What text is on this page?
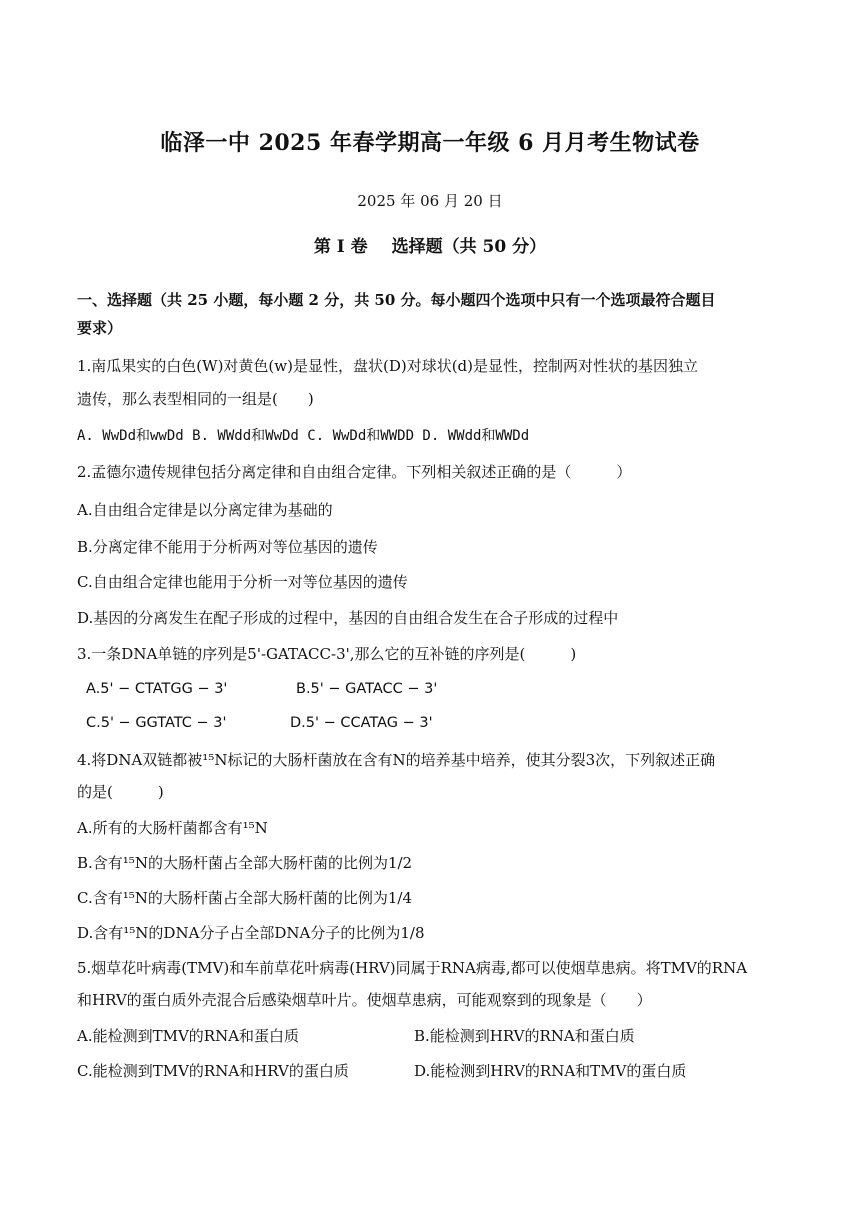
临泽一中 2025 年春学期高一年级 6 月月考生物试卷
2025 年 06 月 20 日
第 I 卷 选择题（共 50 分）
一、选择题（共 25 小题，每小题 2 分，共 50 分。每小题四个选项中只有一个选项最符合题目
要求）
1.南瓜果实的白色(W)对黄色(w)是显性，盘状(D)对球状(d)是显性，控制两对性状的基因独立
遗传，那么表型相同的一组是(　　)
A. WwDd和wwDd B. WWdd和WwDd C. WwDd和WWDD D. WWdd和WWDd
2.孟德尔遗传规律包括分离定律和自由组合定律。下列相关叙述正确的是（　　　）
A.自由组合定律是以分离定律为基础的
B.分离定律不能用于分析两对等位基因的遗传
C.自由组合定律也能用于分析一对等位基因的遗传
D.基因的分离发生在配子形成的过程中，基因的自由组合发生在合子形成的过程中
3.一条DNA单链的序列是5'-GATACC-3',那么它的互补链的序列是(　　　)
A.5' − CTATGG − 3'	B.5' − GATACC − 3'
C.5' − GGTATC − 3'	D.5' − CCATAG − 3'
4.将DNA双链都被¹⁵N标记的大肠杆菌放在含有N的培养基中培养，使其分裂3次，下列叙述正确
的是(　　　)
A.所有的大肠杆菌都含有¹⁵N
B.含有¹⁵N的大肠杆菌占全部大肠杆菌的比例为1/2
C.含有¹⁵N的大肠杆菌占全部大肠杆菌的比例为1/4
D.含有¹⁵N的DNA分子占全部DNA分子的比例为1/8
5.烟草花叶病毒(TMV)和车前草花叶病毒(HRV)同属于RNA病毒,都可以使烟草患病。将TMV的RNA
和HRV的蛋白质外壳混合后感染烟草叶片。使烟草患病，可能观察到的现象是（　　）
A.能检测到TMV的RNA和蛋白质	B.能检测到HRV的RNA和蛋白质
C.能检测到TMV的RNA和HRV的蛋白质	D.能检测到HRV的RNA和TMV的蛋白质
